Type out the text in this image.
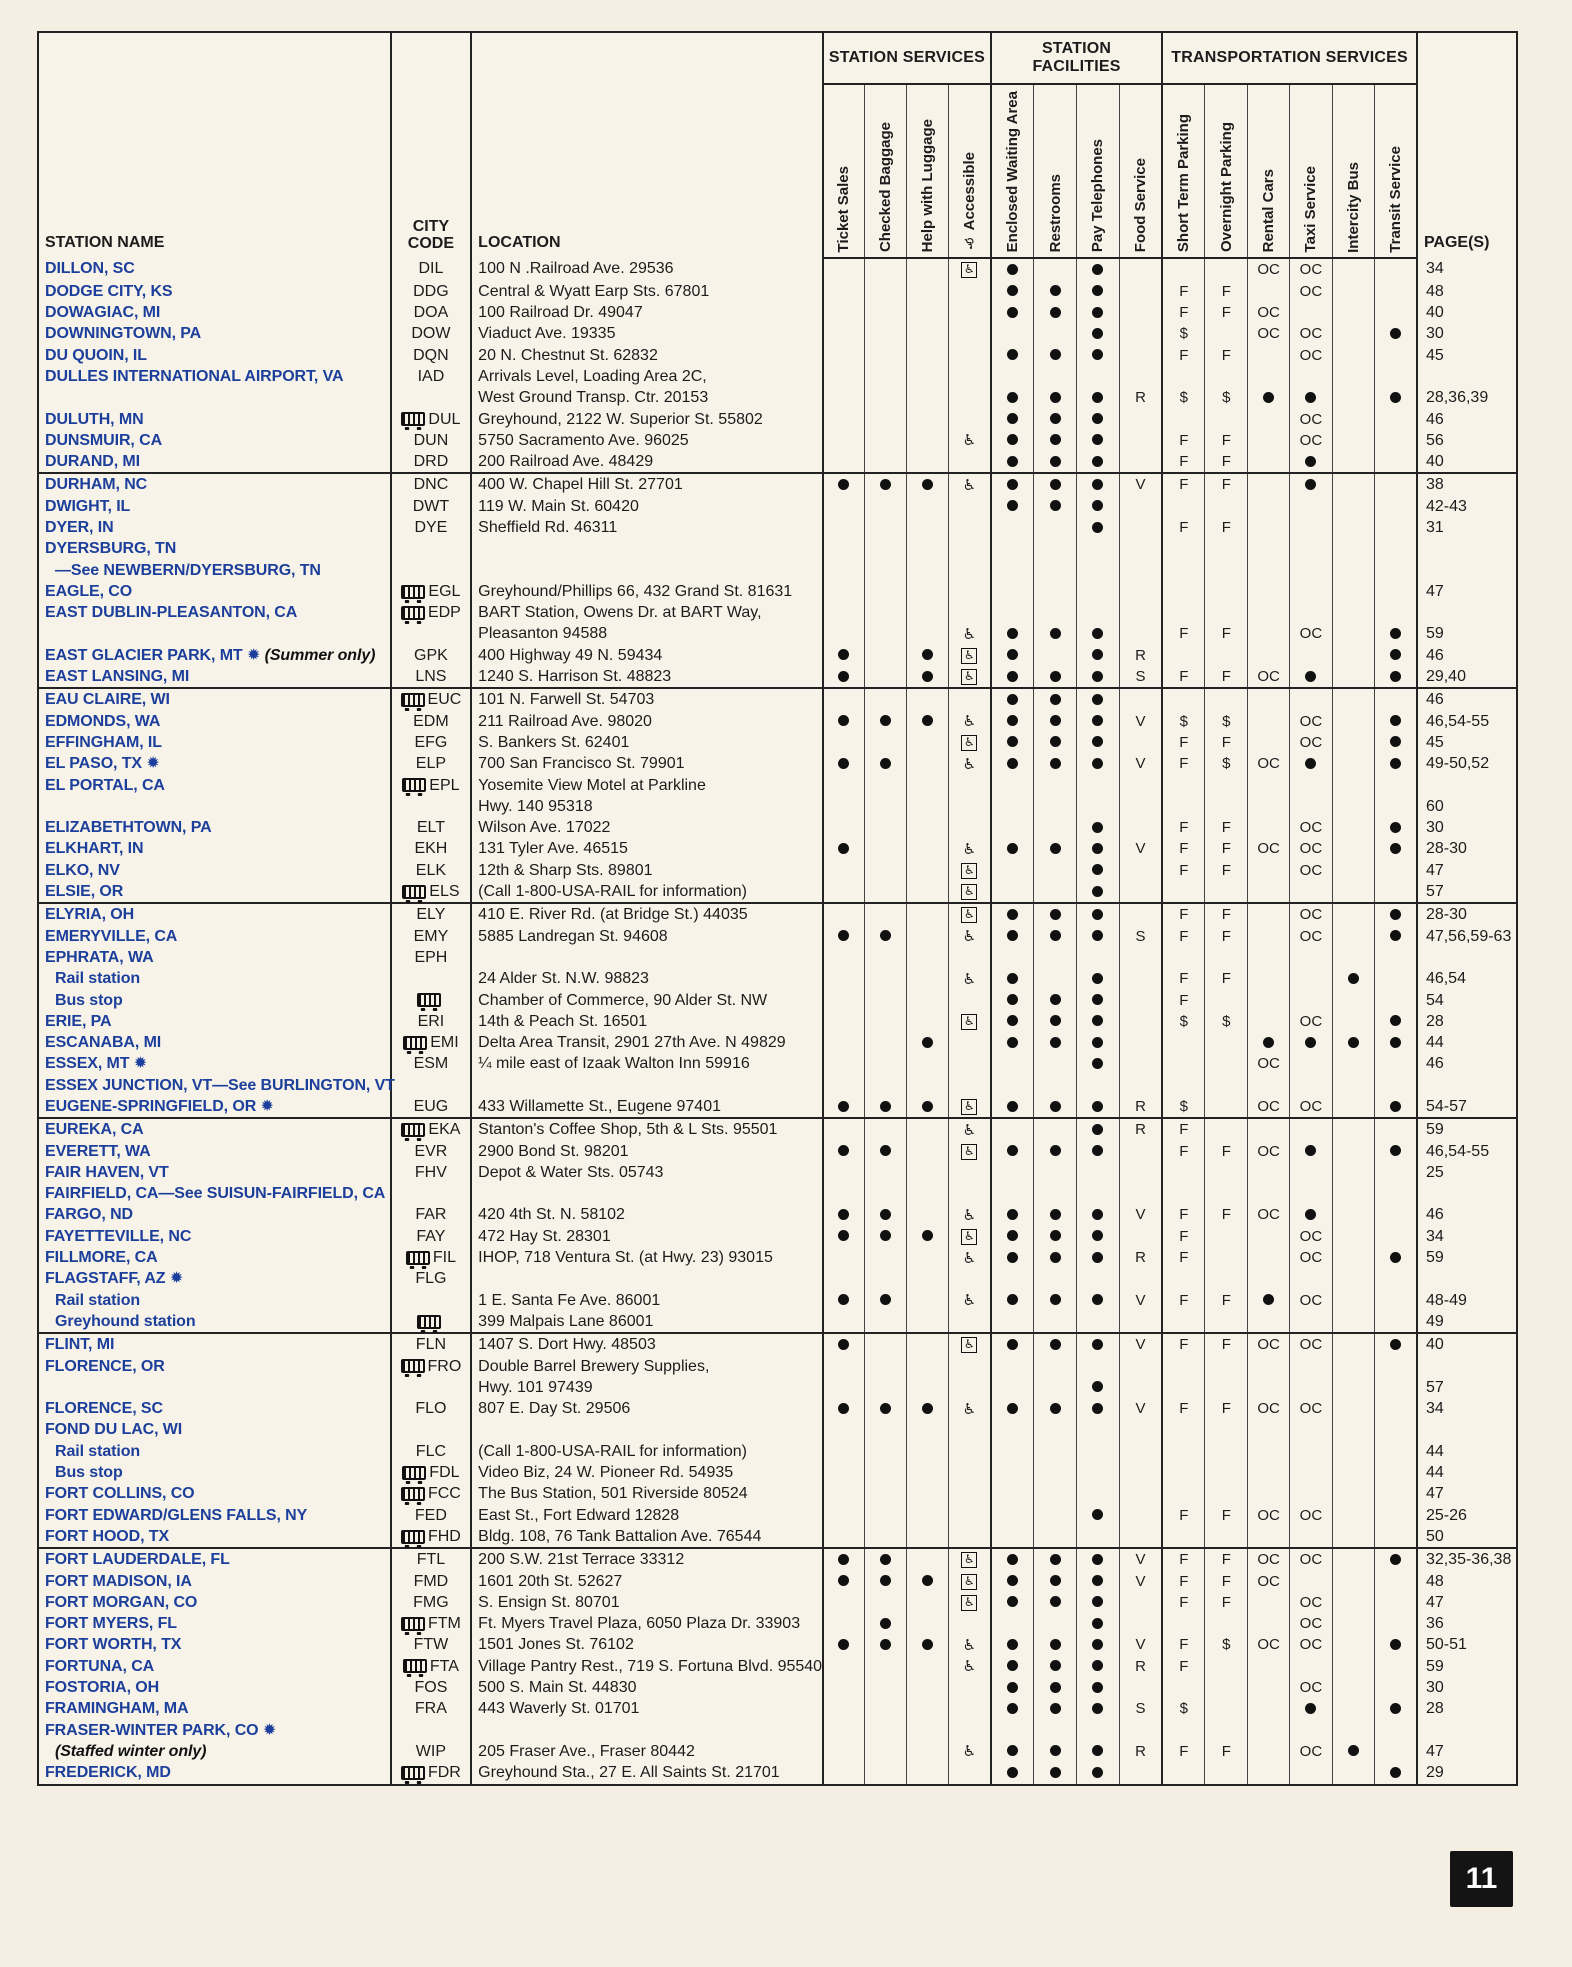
STATION NAME	CITY CODE	LOCATION	STATION SERVICES				STATION FACILITIES				TRANSPORTATION SERVICES						PAGE(S)
			Ticket Sales	Checked Baggage	Help with Luggage	♿ Accessible	Enclosed Waiting Area	Restrooms	Pay Telephones	Food Service	Short Term Parking	Overnight Parking	Rental Cars	Taxi Service	Intercity Bus	Transit Service	
DILLON, SC	DIL	100 N .Railroad Ave. 29536				♿							OC	OC			34
DODGE CITY, KS	DDG	Central & Wyatt Earp Sts. 67801									F	F		OC			48
DOWAGIAC, MI	DOA	100 Railroad Dr. 49047									F	F	OC				40
DOWNINGTOWN, PA	DOW	Viaduct Ave. 19335									$		OC	OC			30
DU QUOIN, IL	DQN	20 N. Chestnut St. 62832									F	F		OC			45
DULLES INTERNATIONAL AIRPORT, VA	IAD	Arrivals Level, Loading Area 2C,															
		West Ground Transp. Ctr. 20153								R	$	$					28,36,39
DULUTH, MN	DUL	Greyhound, 2122 W. Superior St. 55802												OC			46
DUNSMUIR, CA	DUN	5750 Sacramento Ave. 96025				♿					F	F		OC			56
DURAND, MI	DRD	200 Railroad Ave. 48429									F	F					40
DURHAM, NC	DNC	400 W. Chapel Hill St. 27701				♿				V	F	F					38
DWIGHT, IL	DWT	119 W. Main St. 60420															42-43
DYER, IN	DYE	Sheffield Rd. 46311									F	F					31
DYERSBURG, TN																	
—See NEWBERN/DYERSBURG, TN																	
EAGLE, CO	EGL	Greyhound/Phillips 66, 432 Grand St. 81631															47
EAST DUBLIN-PLEASANTON, CA	EDP	BART Station, Owens Dr. at BART Way,															
		Pleasanton 94588				♿					F	F		OC			59
EAST GLACIER PARK, MT ✹ (Summer only)	GPK	400 Highway 49 N. 59434				♿				R							46
EAST LANSING, MI	LNS	1240 S. Harrison St. 48823				♿				S	F	F	OC				29,40
EAU CLAIRE, WI	EUC	101 N. Farwell St. 54703															46
EDMONDS, WA	EDM	211 Railroad Ave. 98020				♿				V	$	$		OC			46,54-55
EFFINGHAM, IL	EFG	S. Bankers St. 62401				♿					F	F		OC			45
EL PASO, TX ✹	ELP	700 San Francisco St. 79901				♿				V	F	$	OC				49-50,52
EL PORTAL, CA	EPL	Yosemite View Motel at Parkline															
		Hwy. 140 95318															60
ELIZABETHTOWN, PA	ELT	Wilson Ave. 17022									F	F		OC			30
ELKHART, IN	EKH	131 Tyler Ave. 46515				♿				V	F	F	OC	OC			28-30
ELKO, NV	ELK	12th & Sharp Sts. 89801				♿					F	F		OC			47
ELSIE, OR	ELS	(Call 1-800-USA-RAIL for information)				♿											57
ELYRIA, OH	ELY	410 E. River Rd. (at Bridge St.) 44035				♿					F	F		OC			28-30
EMERYVILLE, CA	EMY	5885 Landregan St. 94608				♿				S	F	F		OC			47,56,59-63
EPHRATA, WA	EPH																
Rail station		24 Alder St. N.W. 98823				♿					F	F					46,54
Bus stop		Chamber of Commerce, 90 Alder St. NW									F						54
ERIE, PA	ERI	14th & Peach St. 16501				♿					$	$		OC			28
ESCANABA, MI	EMI	Delta Area Transit, 2901 27th Ave. N 49829															44
ESSEX, MT ✹	ESM	¼ mile east of Izaak Walton Inn 59916											OC				46
ESSEX JUNCTION, VT—See BURLINGTON, VT																	
EUGENE-SPRINGFIELD, OR ✹	EUG	433 Willamette St., Eugene 97401				♿				R	$		OC	OC			54-57
EUREKA, CA	EKA	Stanton's Coffee Shop, 5th & L Sts. 95501				♿				R	F						59
EVERETT, WA	EVR	2900 Bond St. 98201				♿					F	F	OC				46,54-55
FAIR HAVEN, VT	FHV	Depot & Water Sts. 05743															25
FAIRFIELD, CA—See SUISUN-FAIRFIELD, CA																	
FARGO, ND	FAR	420 4th St. N. 58102				♿				V	F	F	OC				46
FAYETTEVILLE, NC	FAY	472 Hay St. 28301				♿					F			OC			34
FILLMORE, CA	FIL	IHOP, 718 Ventura St. (at Hwy. 23) 93015				♿				R	F			OC			59
FLAGSTAFF, AZ ✹	FLG																
Rail station		1 E. Santa Fe Ave. 86001				♿				V	F	F		OC			48-49
Greyhound station		399 Malpais Lane 86001															49
FLINT, MI	FLN	1407 S. Dort Hwy. 48503				♿				V	F	F	OC	OC			40
FLORENCE, OR	FRO	Double Barrel Brewery Supplies,															
		Hwy. 101 97439															57
FLORENCE, SC	FLO	807 E. Day St. 29506				♿				V	F	F	OC	OC			34
FOND DU LAC, WI																	
Rail station	FLC	(Call 1-800-USA-RAIL for information)															44
Bus stop	FDL	Video Biz, 24 W. Pioneer Rd. 54935															44
FORT COLLINS, CO	FCC	The Bus Station, 501 Riverside 80524															47
FORT EDWARD/GLENS FALLS, NY	FED	East St., Fort Edward 12828									F	F	OC	OC			25-26
FORT HOOD, TX	FHD	Bldg. 108, 76 Tank Battalion Ave. 76544															50
FORT LAUDERDALE, FL	FTL	200 S.W. 21st Terrace 33312				♿				V	F	F	OC	OC			32,35-36,38
FORT MADISON, IA	FMD	1601 20th St. 52627				♿				V	F	F	OC				48
FORT MORGAN, CO	FMG	S. Ensign St. 80701				♿					F	F		OC			47
FORT MYERS, FL	FTM	Ft. Myers Travel Plaza, 6050 Plaza Dr. 33903												OC			36
FORT WORTH, TX	FTW	1501 Jones St. 76102				♿				V	F	$	OC	OC			50-51
FORTUNA, CA	FTA	Village Pantry Rest., 719 S. Fortuna Blvd. 95540				♿				R	F						59
FOSTORIA, OH	FOS	500 S. Main St. 44830												OC			30
FRAMINGHAM, MA	FRA	443 Waverly St. 01701								S	$						28
FRASER-WINTER PARK, CO ✹																	
(Staffed winter only)	WIP	205 Fraser Ave., Fraser 80442				♿				R	F	F		OC			47
FREDERICK, MD	FDR	Greyhound Sta., 27 E. All Saints St. 21701															29
11
